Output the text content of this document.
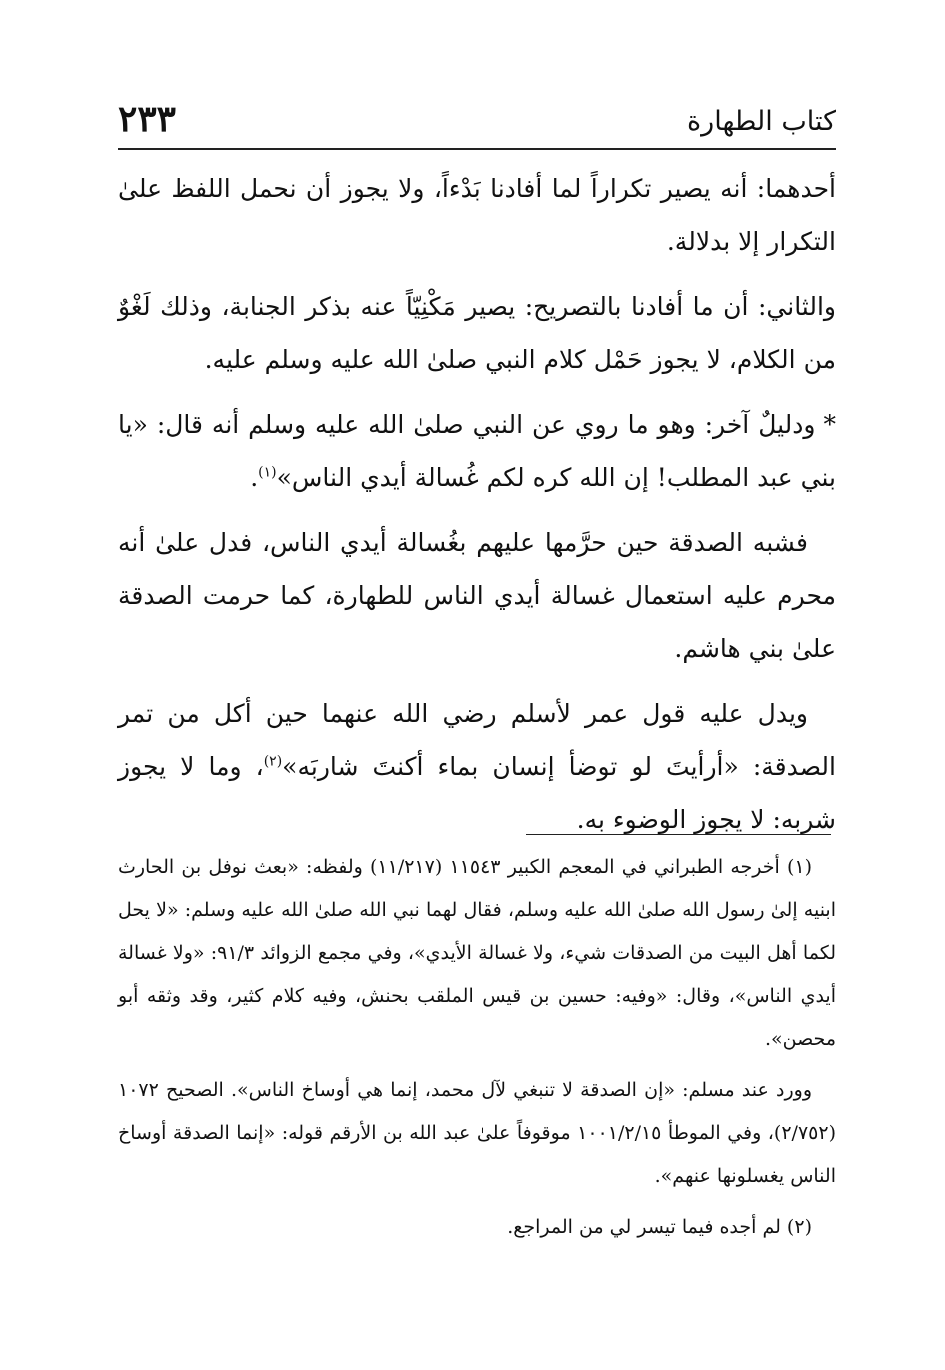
كتاب الطهارة
٢٣٣

أحدهما: أنه يصير تكراراً لما أفادنا بَدْءاً، ولا يجوز أن نحمل اللفظ علىٰ التكرار إلا بدلالة.

والثاني: أن ما أفادنا بالتصريح: يصير مَكْنِيّاً عنه بذكر الجنابة، وذلك لَغْوٌ من الكلام، لا يجوز حَمْل كلام النبي صلىٰ الله عليه وسلم عليه.

*ودليلٌ آخر: وهو ما روي عن النبي صلىٰ الله عليه وسلم أنه قال: «يا بني عبد المطلب! إن الله كره لكم غُسالة أيدي الناس»$^{(١)}$.

فشبه الصدقة حين حرَّمها عليهم بغُسالة أيدي الناس، فدل علىٰ أنه محرم عليه استعمال غسالة أيدي الناس للطهارة، كما حرمت الصدقة علىٰ بني هاشم.

ويدل عليه قول عمر لأسلم رضي الله عنهما حين أكل من تمر الصدقة: «أرأيتَ لو توضأ إنسان بماء أكنتَ شاربَه»$^{(٢)}$، وما لا يجوز شربه: لا يجوز الوضوء به.

(١) أخرجه الطبراني في المعجم الكبير ١١٥٤٣ (١١/٢١٧) ولفظه: «بعث نوفل بن الحارث ابنيه إلىٰ رسول الله صلىٰ الله عليه وسلم، فقال لهما نبي الله صلىٰ الله عليه وسلم: «لا يحل لكما أهل البيت من الصدقات شيء، ولا غسالة الأيدي»، وفي مجمع الزوائد ٩١/٣: «ولا غسالة أيدي الناس»، وقال: «وفيه: حسين بن قيس الملقب بحنش، وفيه كلام كثير، وقد وثقه أبو محصن».

وورد عند مسلم: «إن الصدقة لا تنبغي لآل محمد، إنما هي أوساخ الناس». الصحيح ١٠٧٢ (٢/٧٥٢)، وفي الموطأ ١٠٠١/٢/١٥ موقوفاً علىٰ عبد الله بن الأرقم قوله: «إنما الصدقة أوساخ الناس يغسلونها عنهم».

(٢) لم أجده فيما تيسر لي من المراجع.
